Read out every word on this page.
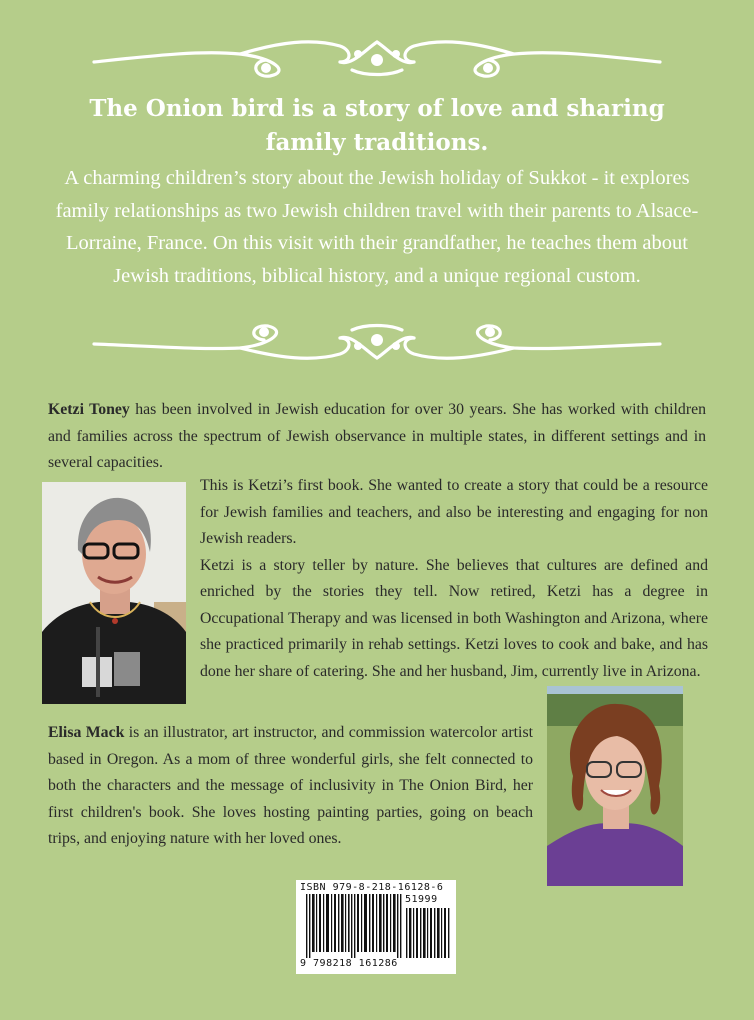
The Onion bird is a story of love and sharing family traditions.
A charming children’s story about the Jewish holiday of Sukkot - it explores family relationships as two Jewish children travel with their parents to Alsace-Lorraine, France. On this visit with their grandfather, he teaches them about Jewish traditions, biblical history, and a unique regional custom.

Ketzi Toney has been involved in Jewish education for over 30 years. She has worked with children and families across the spectrum of Jewish observance in multiple states, in different settings and in several capacities.

This is Ketzi’s first book. She wanted to create a story that could be a resource for Jewish families and teachers, and also be interesting and engaging for non Jewish readers.

Ketzi is a story teller by nature. She believes that cultures are defined and enriched by the stories they tell. Now retired, Ketzi has a degree in Occupational Therapy and was licensed in both Washington and Arizona, where she practiced primarily in rehab settings. Ketzi loves to cook and bake, and has done her share of catering. She and her husband, Jim, currently live in Arizona.

Elisa Mack is an illustrator, art instructor, and commission watercolor artist based in Oregon. As a mom of three wonderful girls, she felt connected to both the characters and the message of inclusivity in The Onion Bird, her first children's book. She loves hosting painting parties, going on beach trips, and enjoying nature with her loved ones.

ISBN 979-8-218-16128-6
51999
9 798218 161286
